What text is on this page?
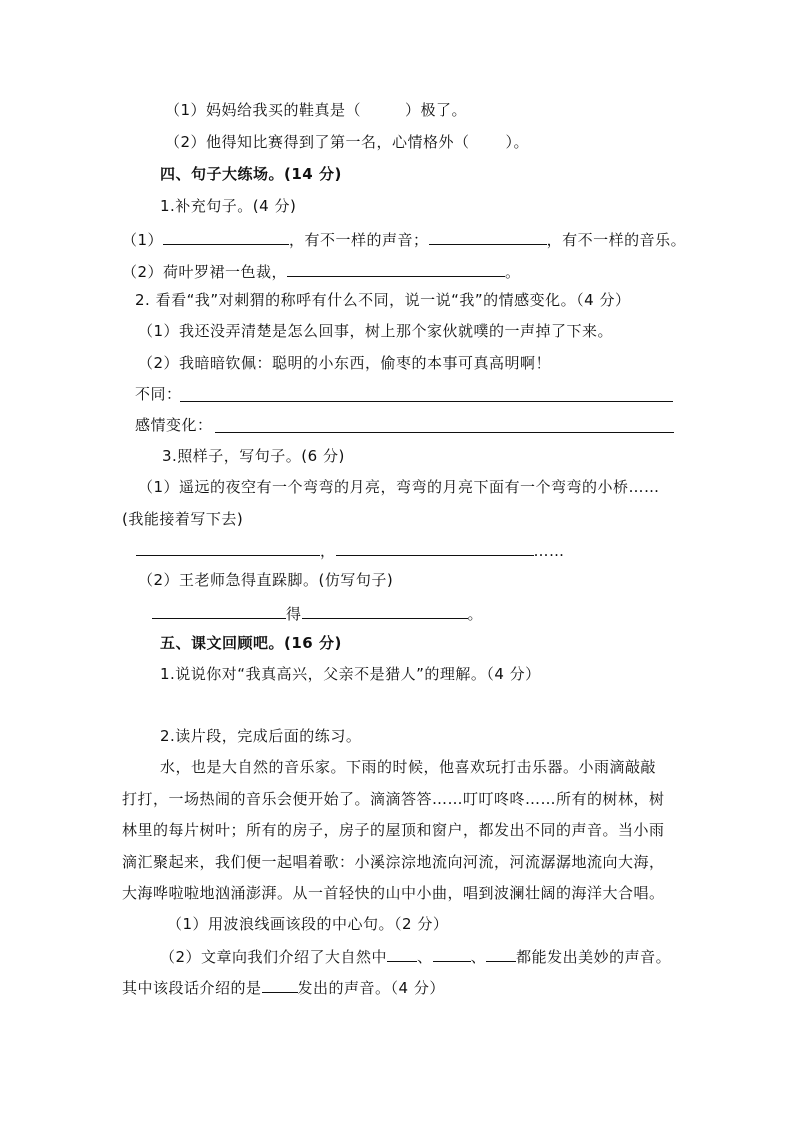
（1）妈妈给我买的鞋真是（	）极了。
（2）他得知比赛得到了第一名，心情格外（ ）。
四、句子大练场。(14 分)
1.补充句子。(4 分)
（1）	，有不一样的声音；	，有不一样的音乐。
（2）荷叶罗裙一色裁，	。
2. 看看“我”对刺猬的称呼有什么不同，说一说“我”的情感变化。（4 分）
（1）我还没弄清楚是怎么回事，树上那个家伙就噗的一声掉了下来。
（2）我暗暗钦佩：聪明的小东西，偷枣的本事可真高明啊！
不同：
感情变化：
3.照样子，写句子。(6 分)
（1）遥远的夜空有一个弯弯的月亮，弯弯的月亮下面有一个弯弯的小桥……
(我能接着写下去)
，	……
（2）王老师急得直跺脚。(仿写句子)
得	。
五、课文回顾吧。(16 分)
1.说说你对“我真高兴，父亲不是猎人”的理解。（4 分）
2.读片段，完成后面的练习。
水，也是大自然的音乐家。下雨的时候，他喜欢玩打击乐器。小雨滴敲敲
打打，一场热闹的音乐会便开始了。滴滴答答……叮叮咚咚……所有的树林，树
林里的每片树叶；所有的房子，房子的屋顶和窗户，都发出不同的声音。当小雨
滴汇聚起来，我们便一起唱着歌：小溪淙淙地流向河流，河流潺潺地流向大海，
大海哗啦啦地汹涌澎湃。从一首轻快的山中小曲，唱到波澜壮阔的海洋大合唱。
（1）用波浪线画该段的中心句。（2 分）
（2）文章向我们介绍了大自然中 、	、 都能发出美妙的声音。
其中该段话介绍的是 发出的声音。（4 分）
